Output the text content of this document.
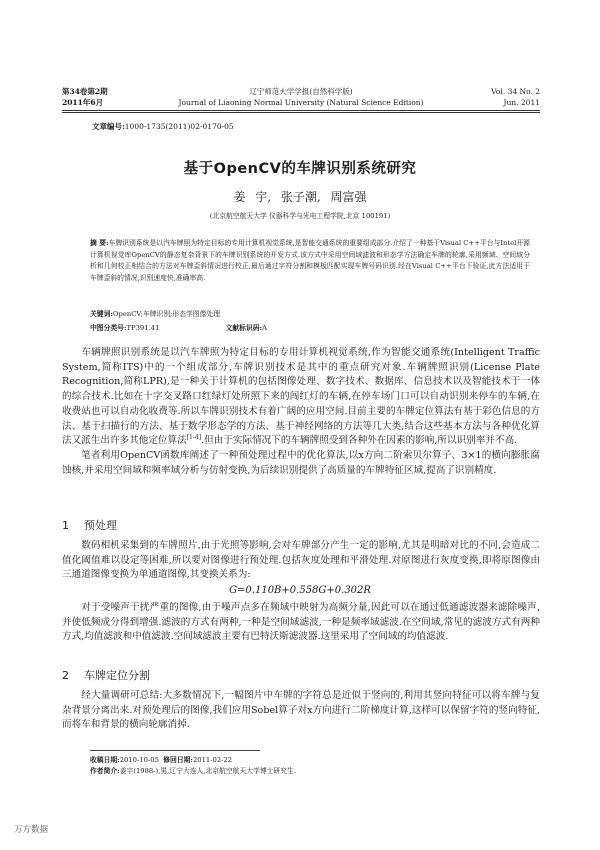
第34卷第2期
2011年6月
辽宁师范大学学报(自然科学版)
Journal of Liaoning Normal University (Natural Science Edition)
Vol. 34 No. 2
Jun. 2011
文章编号:1000-1735(2011)02-0170-05
基于OpenCV的车牌识别系统研究
姜 宇, 张子潮, 周富强
(北京航空航天大学 仪器科学与光电工程学院,北京 100191)
摘 要:车牌识别系统是以汽车牌照为特定目标的专用计算机视觉系统,是智能交通系统的重要组成部分.介绍了一种基于Visual C++平台与Intel开源计算机视觉库OpenCV的静态复杂背景下的车牌识别系统的开发方式.该方式中采用空间域滤波和形态学方法确定车牌的轮廓,采用频域、空间域分析和几何校正相结合的方法对车牌歪斜情况进行校正,最后通过字符分割和模板匹配实现车牌号码识别.经在Visual C++平台下验证,此方法适用于车牌歪斜的情况,识别速度快,准确率高.
关键词:OpenCV;车牌识别;形态学图像处理
中图分类号:TP391.41	文献标识码:A

车辆牌照识别系统是以汽车牌照为特定目标的专用计算机视觉系统,作为智能交通系统(Intelligent Traffic System,简称ITS)中的一个组成部分,车牌识别技术是其中的重点研究对象.车辆牌照识别(License Plate Recognition,简称LPR),是一种关于计算机的包括图像处理、数字技术、数据库、信息技术以及智能技术于一体的综合技术.比如在十字交叉路口红绿灯处所照下来的闯红灯的车辆,在停车场门口可以自动识别来停车的车辆,在收费站也可以自动化收费等.所以车牌识别技术有着广阔的应用空间.目前主要的车牌定位算法有基于彩色信息的方法、基于扫描行的方法、基于数学形态学的方法、基于神经网络的方法等几大类,结合这些基本方法与各种优化算法又派生出许多其他定位算法[1-4].但由于实际情况下的车辆牌照受到各种外在因素的影响,所以识别率并不高.

笔者利用OpenCV函数库阐述了一种预处理过程中的优化算法,以x方向二阶索贝尔算子、3×1的横向膨胀腐蚀核,并采用空间域和频率域分析与仿射变换,为后续识别提供了高质量的车牌特征区域,提高了识别精度.

1 预处理

数码相机采集到的车牌照片,由于光照等影响,会对车牌部分产生一定的影响,尤其是明暗对比的不同,会造成二值化阈值难以设定等困难,所以要对图像进行预处理.包括灰度处理和平滑处理.对原图进行灰度变换,即将原图像由三通道图像变换为单通道图像,其变换关系为:

G=0.110B+0.558G+0.302R

对于受噪声干扰严重的图像,由于噪声点多在频域中映射为高频分量,因此可以在通过低通滤波器来滤除噪声,并使低频成分得到增强.滤波的方式有两种,一种是空间域滤波,一种是频率域滤波.在空间域,常见的滤波方式有两种方式,均值滤波和中值滤波.空间域滤波主要有巴特沃斯滤波器.这里采用了空间域的均值滤波.

2 车牌定位分割

经大量调研可总结:大多数情况下,一幅图片中车牌的字符总是近似于竖向的,利用其竖向特征可以将车牌与复杂背景分离出来.对预处理后的图像,我们应用Sobel算子对x方向进行二阶梯度计算,这样可以保留字符的竖向特征,而将车和背景的横向轮廓消掉.

收稿日期:2010-10-05 修回日期:2011-02-22
作者简介:姜宇(1988-),男,辽宁大连人,北京航空航天大学博士研究生.
万方数据
